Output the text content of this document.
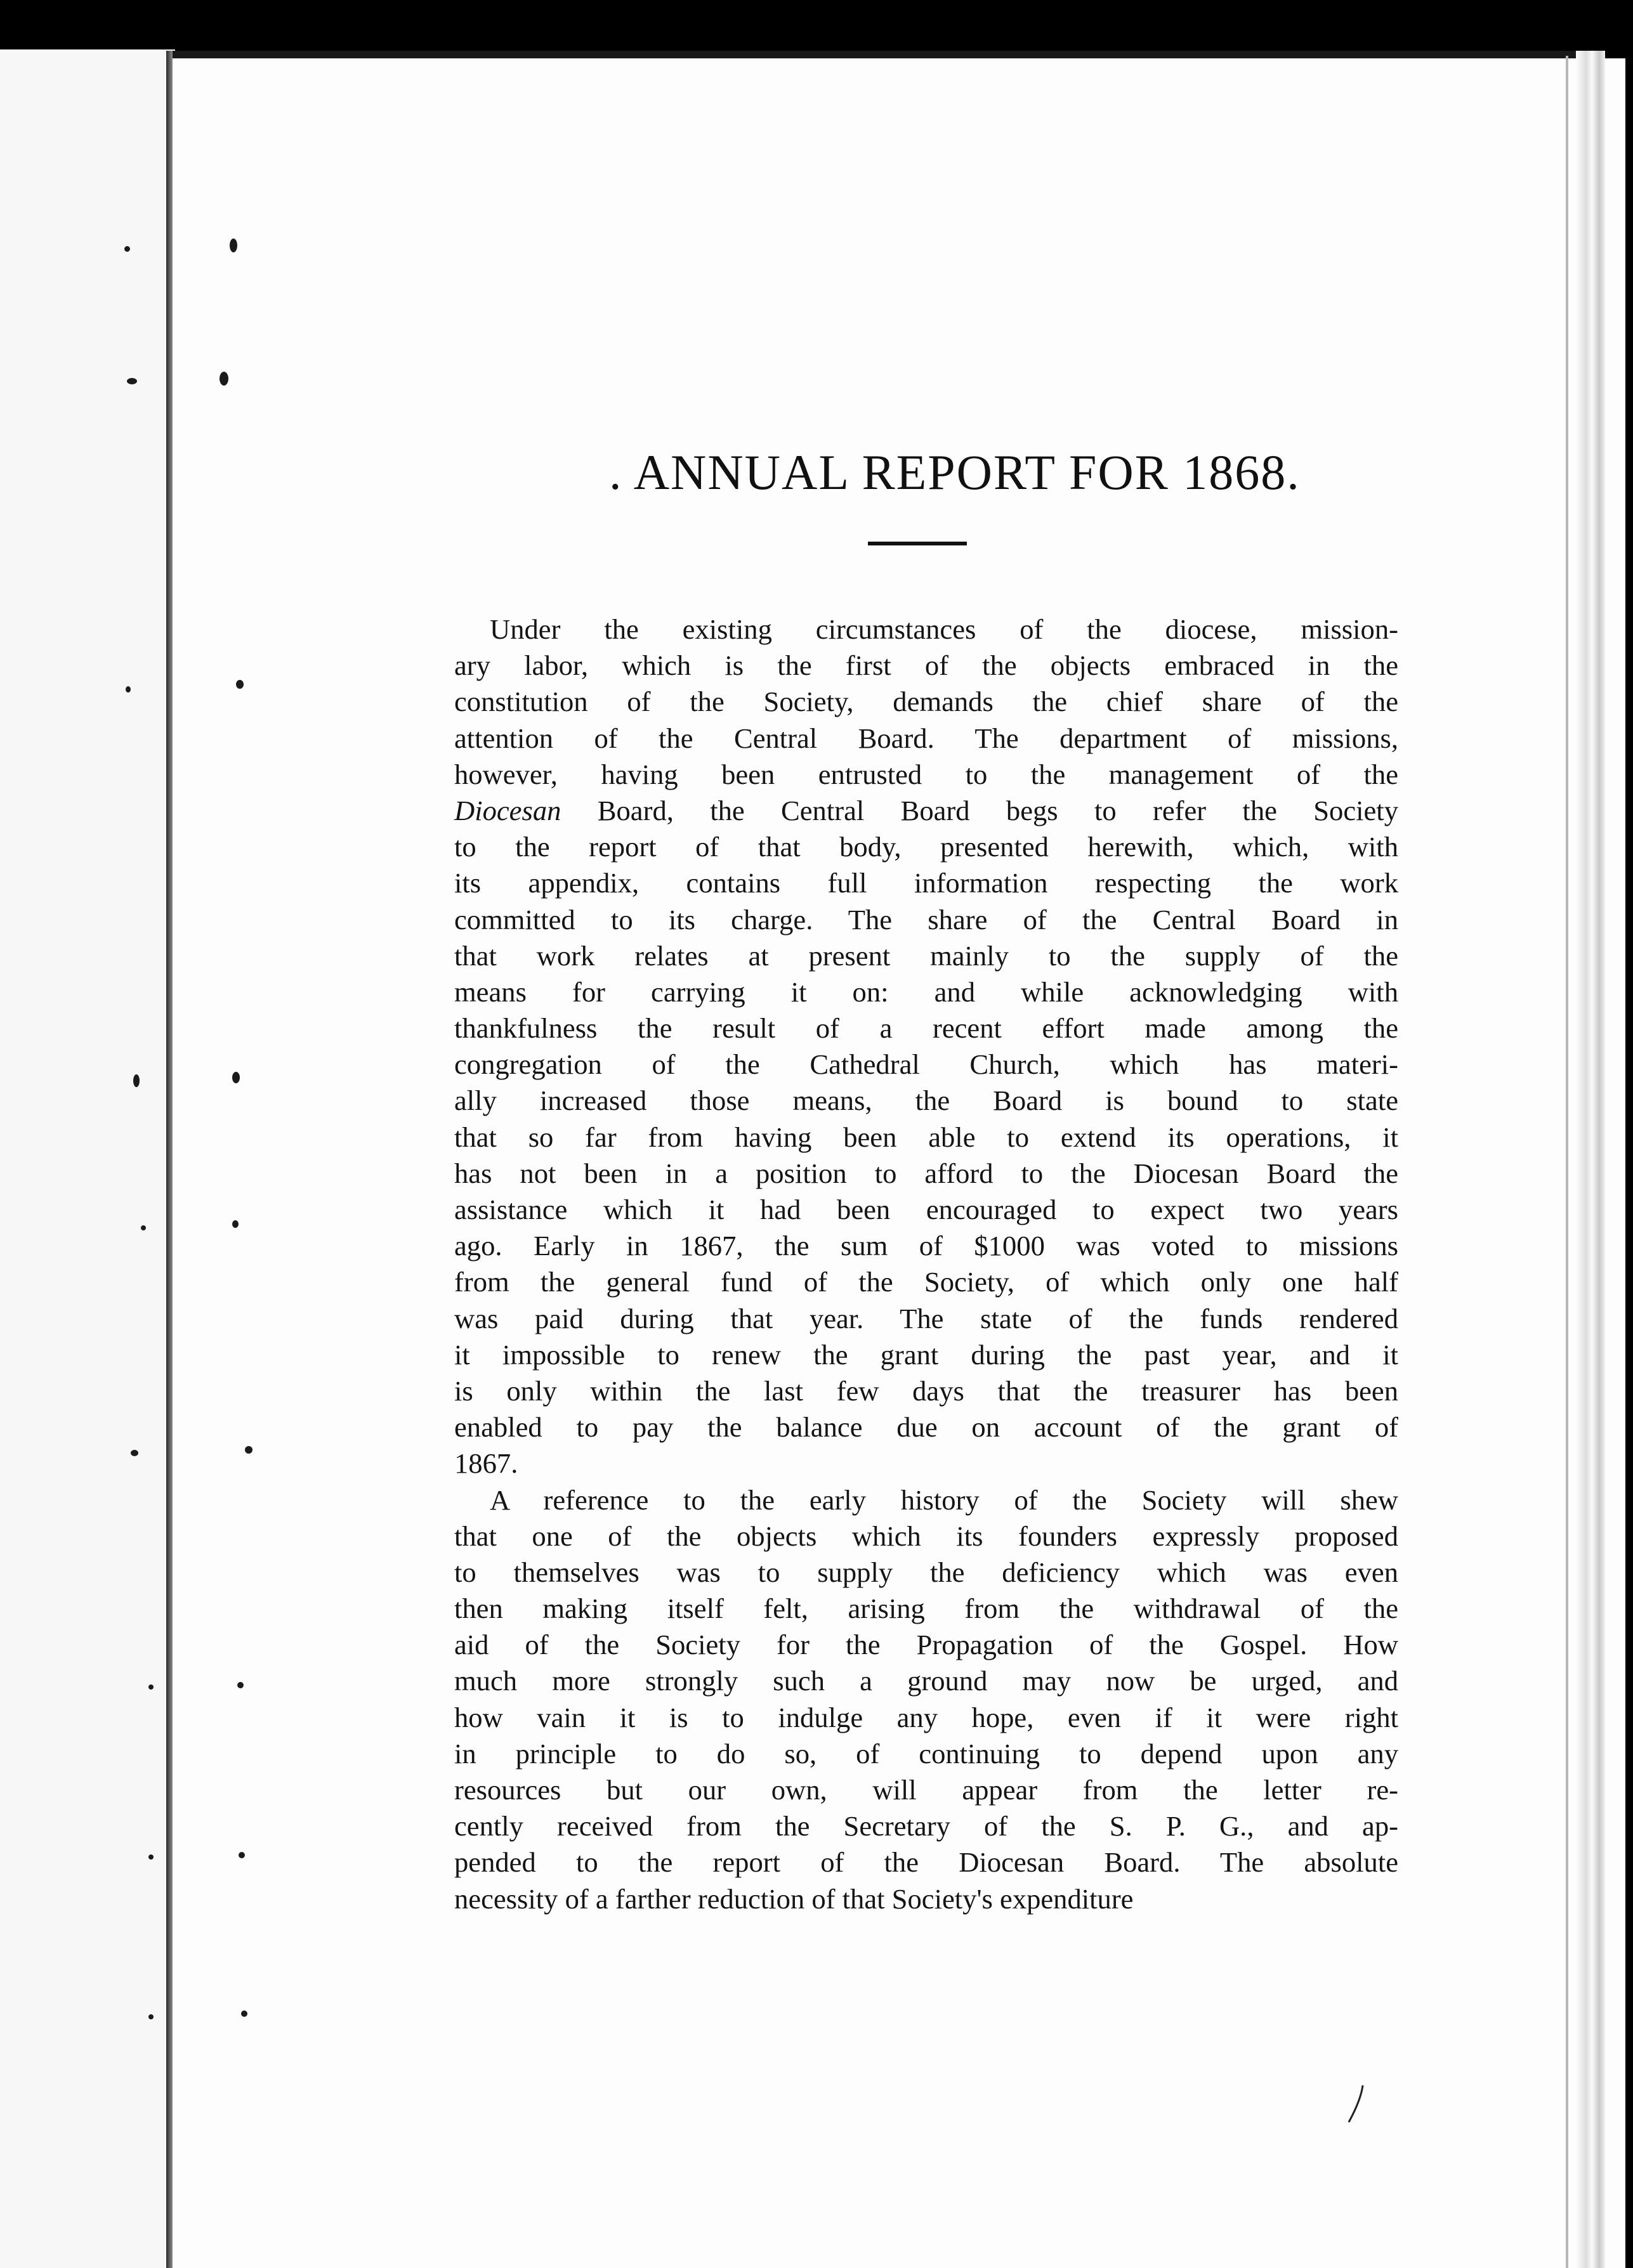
. ANNUAL REPORT FOR 1868.
Under the existing circumstances of the diocese, mission-
ary labor, which is the first of the objects embraced in the
constitution of the Society, demands the chief share of the
attention of the Central Board. The department of missions,
however, having been entrusted to the management of the
Diocesan Board, the Central Board begs to refer the Society
to the report of that body, presented herewith, which, with
its appendix, contains full information respecting the work
committed to its charge. The share of the Central Board in
that work relates at present mainly to the supply of the
means for carrying it on: and while acknowledging with
thankfulness the result of a recent effort made among the
congregation of the Cathedral Church, which has materi-
ally increased those means, the Board is bound to state
that so far from having been able to extend its operations, it
has not been in a position to afford to the Diocesan Board the
assistance which it had been encouraged to expect two years
ago. Early in 1867, the sum of $1000 was voted to missions
from the general fund of the Society, of which only one half
was paid during that year. The state of the funds rendered
it impossible to renew the grant during the past year, and it
is only within the last few days that the treasurer has been
enabled to pay the balance due on account of the grant of
1867.
A reference to the early history of the Society will shew
that one of the objects which its founders expressly proposed
to themselves was to supply the deficiency which was even
then making itself felt, arising from the withdrawal of the
aid of the Society for the Propagation of the Gospel. How
much more strongly such a ground may now be urged, and
how vain it is to indulge any hope, even if it were right
in principle to do so, of continuing to depend upon any
resources but our own, will appear from the letter re-
cently received from the Secretary of the S. P. G., and ap-
pended to the report of the Diocesan Board. The absolute
necessity of a farther reduction of that Society's expenditure
